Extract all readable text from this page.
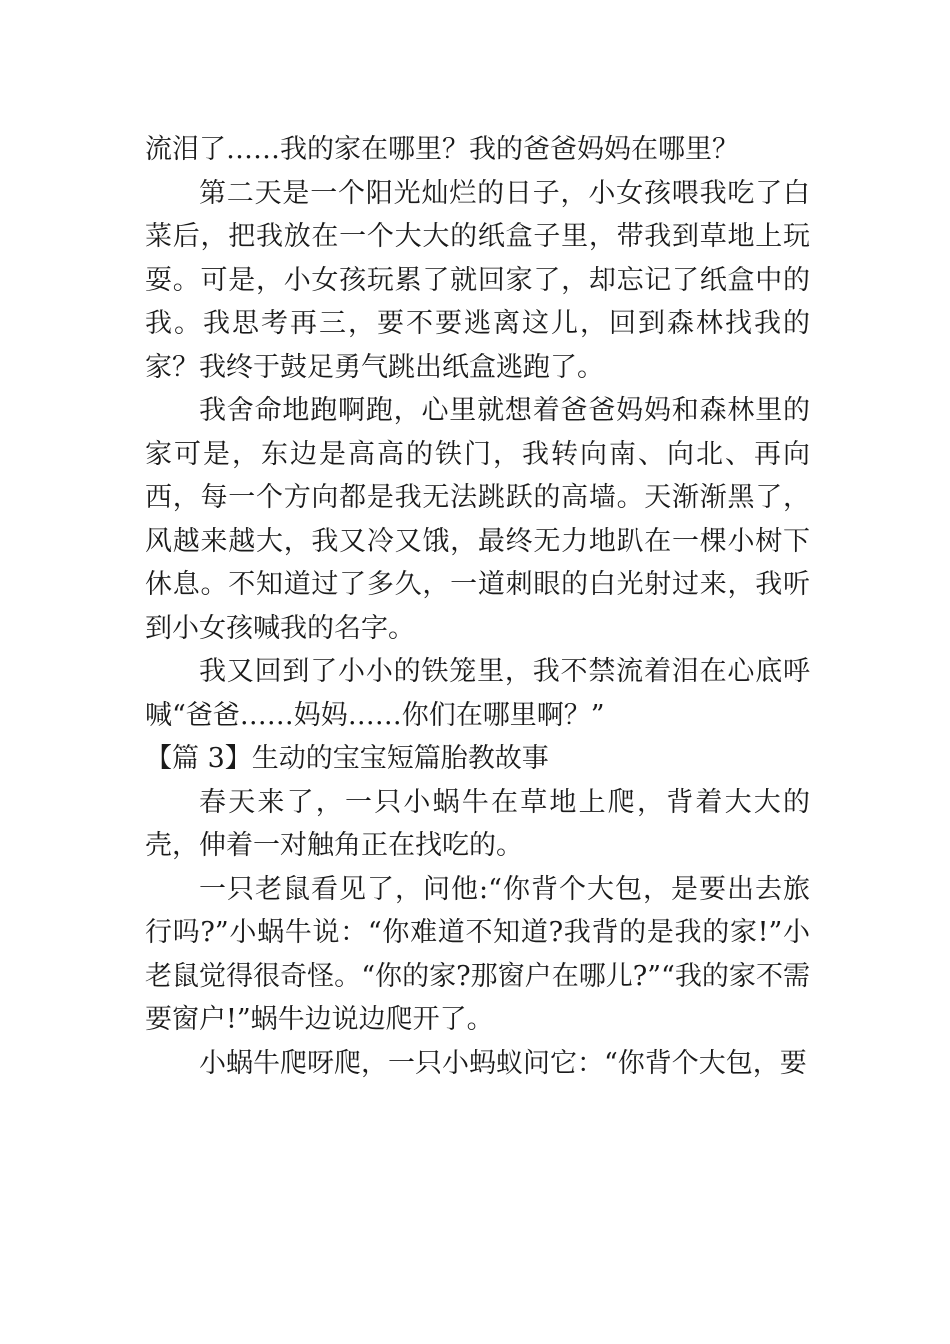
流泪了……我的家在哪里？我的爸爸妈妈在哪里？

第二天是一个阳光灿烂的日子，小女孩喂我吃了白菜后，把我放在一个大大的纸盒子里，带我到草地上玩耍。可是，小女孩玩累了就回家了，却忘记了纸盒中的我。我思考再三，要不要逃离这儿，回到森林找我的家？我终于鼓足勇气跳出纸盒逃跑了。

我舍命地跑啊跑，心里就想着爸爸妈妈和森林里的家可是，东边是高高的铁门，我转向南、向北、再向西，每一个方向都是我无法跳跃的高墙。天渐渐黑了，风越来越大，我又冷又饿，最终无力地趴在一棵小树下休息。不知道过了多久，一道刺眼的白光射过来，我听到小女孩喊我的名字。

我又回到了小小的铁笼里，我不禁流着泪在心底呼喊“爸爸……妈妈……你们在哪里啊？”

【篇 3】生动的宝宝短篇胎教故事

春天来了，一只小蜗牛在草地上爬，背着大大的壳，伸着一对触角正在找吃的。

一只老鼠看见了，问他:“你背个大包，是要出去旅行吗?”小蜗牛说：“你难道不知道?我背的是我的家!”小老鼠觉得很奇怪。“你的家?那窗户在哪儿?”“我的家不需要窗户!”蜗牛边说边爬开了。

小蜗牛爬呀爬，一只小蚂蚁问它：“你背个大包，要
